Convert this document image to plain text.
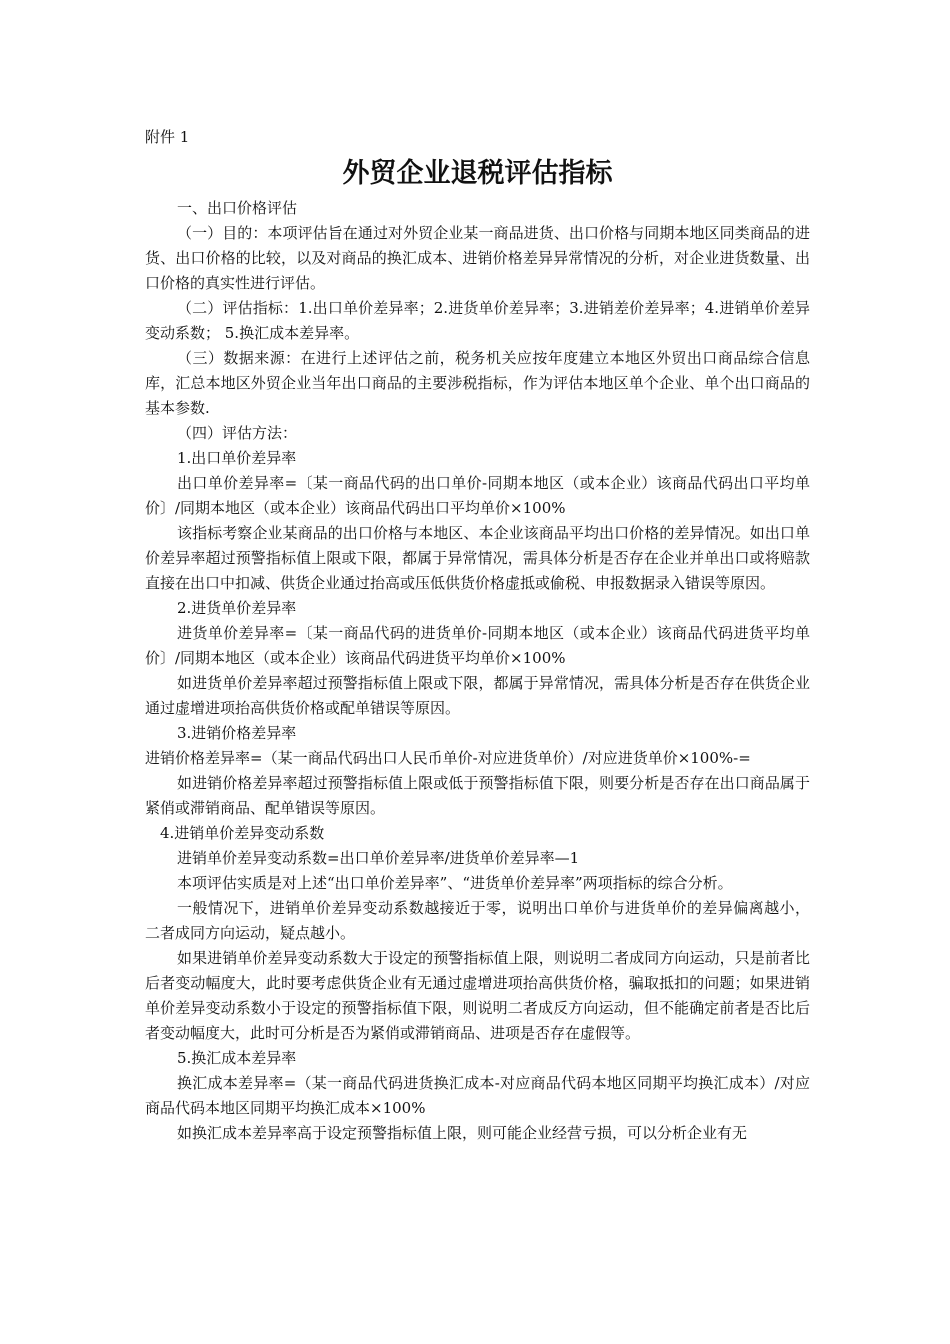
附件 1

外贸企业退税评估指标

一、出口价格评估

（一）目的：本项评估旨在通过对外贸企业某一商品进货、出口价格与同期本地区同类商品的进货、出口价格的比较，以及对商品的换汇成本、进销价格差异异常情况的分析，对企业进货数量、出口价格的真实性进行评估。

（二）评估指标：1.出口单价差异率；2.进货单价差异率；3.进销差价差异率；4.进销单价差异变动系数； 5.换汇成本差异率。

（三）数据来源：在进行上述评估之前，税务机关应按年度建立本地区外贸出口商品综合信息库，汇总本地区外贸企业当年出口商品的主要涉税指标，作为评估本地区单个企业、单个出口商品的基本参数.

（四）评估方法：

1.出口单价差异率

出口单价差异率=〔某一商品代码的出口单价-同期本地区（或本企业）该商品代码出口平均单价〕/同期本地区（或本企业）该商品代码出口平均单价×100%

该指标考察企业某商品的出口价格与本地区、本企业该商品平均出口价格的差异情况。如出口单价差异率超过预警指标值上限或下限，都属于异常情况，需具体分析是否存在企业并单出口或将赔款直接在出口中扣减、供货企业通过抬高或压低供货价格虚抵或偷税、申报数据录入错误等原因。

2.进货单价差异率

进货单价差异率=〔某一商品代码的进货单价-同期本地区（或本企业）该商品代码进货平均单价〕/同期本地区（或本企业）该商品代码进货平均单价×100%

如进货单价差异率超过预警指标值上限或下限，都属于异常情况，需具体分析是否存在供货企业通过虚增进项抬高供货价格或配单错误等原因。

3.进销价格差异率

进销价格差异率=（某一商品代码出口人民币单价-对应进货单价）/对应进货单价×100%-=

如进销价格差异率超过预警指标值上限或低于预警指标值下限，则要分析是否存在出口商品属于紧俏或滞销商品、配单错误等原因。

4.进销单价差异变动系数

进销单价差异变动系数=出口单价差异率/进货单价差异率—1

本项评估实质是对上述“出口单价差异率”、“进货单价差异率”两项指标的综合分析。

一般情况下，进销单价差异变动系数越接近于零，说明出口单价与进货单价的差异偏离越小， 二者成同方向运动，疑点越小。

如果进销单价差异变动系数大于设定的预警指标值上限，则说明二者成同方向运动，只是前者比后者变动幅度大，此时要考虑供货企业有无通过虚增进项抬高供货价格，骗取抵扣的问题；如果进销单价差异变动系数小于设定的预警指标值下限，则说明二者成反方向运动，但不能确定前者是否比后者变动幅度大，此时可分析是否为紧俏或滞销商品、进项是否存在虚假等。

5.换汇成本差异率

换汇成本差异率=（某一商品代码进货换汇成本-对应商品代码本地区同期平均换汇成本）/对应商品代码本地区同期平均换汇成本×100%

如换汇成本差异率高于设定预警指标值上限，则可能企业经营亏损，可以分析企业有无
